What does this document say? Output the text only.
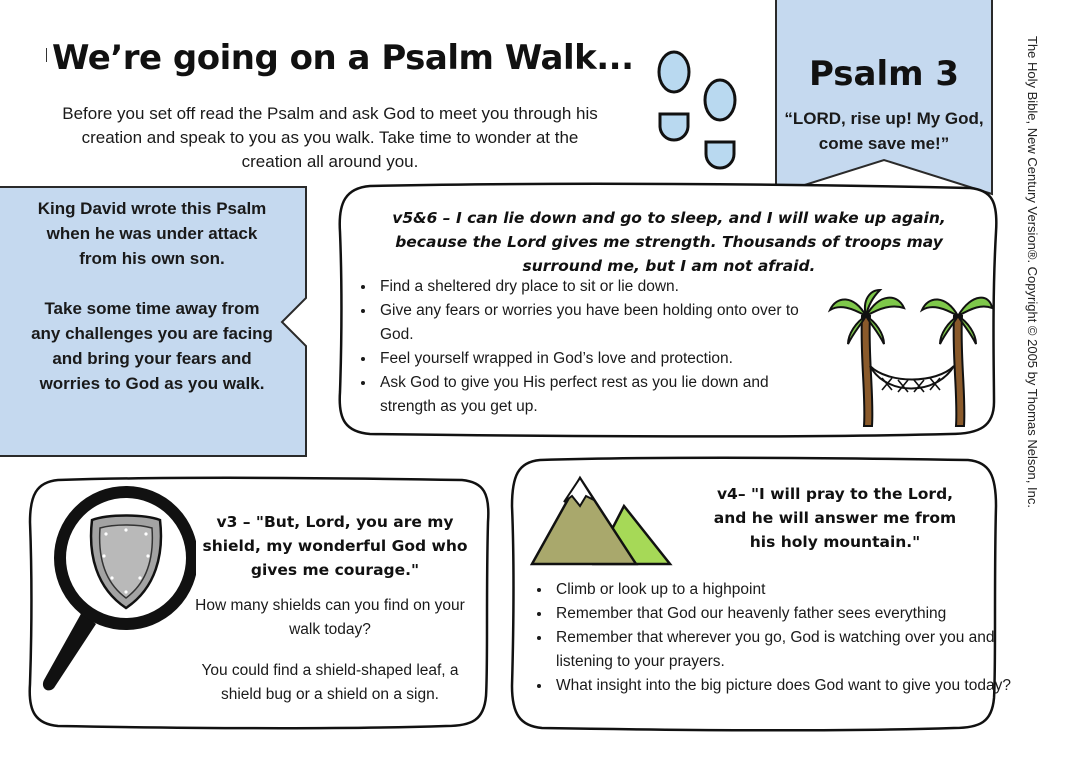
We’re going on a Psalm Walk...
Before you set off read the Psalm and ask God to meet you through his creation and speak to you as you walk. Take time to wonder at the creation all around you.
Psalm 3
“LORD, rise up! My God, come save me!”	The Holy Bible, New Century Version®. Copyright © 2005 by Thomas Nelson, Inc.

King David wrote this Psalm when he was under attack from his own son.

Take some time away from any challenges you are facing and bring your fears and worries to God as you walk.

v5&6 – I can lie down and go to sleep, and I will wake up again, because the Lord gives me strength. Thousands of troops may surround me, but I am not afraid.
• Find a sheltered dry place to sit or lie down.
• Give any fears or worries you have been holding onto over to God.
• Feel yourself wrapped in God’s love and protection.
• Ask God to give you His perfect rest as you lie down and strength as you get up.
v3 – "But, Lord, you are my shield, my wonderful God who gives me courage."
How many shields can you find on your walk today?
You could find a shield-shaped leaf, a shield bug or a shield on a sign.
v4– "I will pray to the Lord, and he will answer me from his holy mountain."
• Climb or look up to a highpoint
• Remember that God our heavenly father sees everything
• Remember that wherever you go, God is watching over you and listening to your prayers.
• What insight into the big picture does God want to give you today?
